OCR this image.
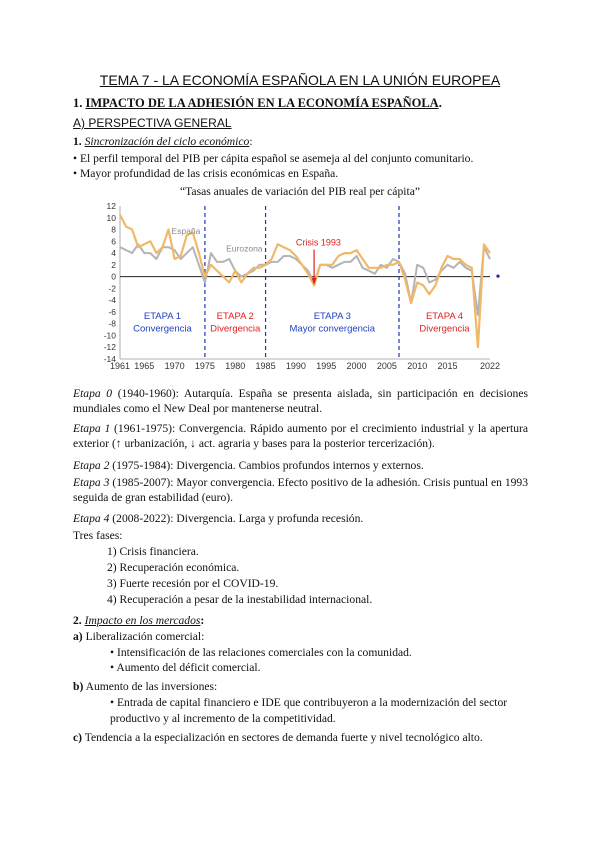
TEMA 7 - LA ECONOMÍA ESPAÑOLA EN LA UNIÓN EUROPEA
1. IMPACTO DE LA ADHESIÓN EN LA ECONOMÍA ESPAÑOLA.
A) PERSPECTIVA GENERAL
1. Sincronización del ciclo económico:
• El perfil temporal del PIB per cápita español se asemeja al del conjunto comunitario.
• Mayor profundidad de las crisis económicas en España.
“Tasas anuales de variación del PIB real per cápita”
12
10
8
6
4
2
0
-2
-4
-6
-8
-10
-12
-14
1961 1965 1970 1975 1980 1985 1990 1995 2000 2005 2010 2015 2022
España
Eurozona
Crisis 1993
ETAPA 1
Convergencia
ETAPA 2
Divergencia
ETAPA 3
Mayor convergencia
ETAPA 4
Divergencia
Etapa 0 (1940-1960): Autarquía. España se presenta aislada, sin participación en decisiones mundiales como el New Deal por mantenerse neutral.
Etapa 1 (1961-1975): Convergencia. Rápido aumento por el crecimiento industrial y la apertura exterior (↑ urbanización, ↓ act. agraria y bases para la posterior tercerización).
Etapa 2 (1975-1984): Divergencia. Cambios profundos internos y externos.
Etapa 3 (1985-2007): Mayor convergencia. Efecto positivo de la adhesión. Crisis puntual en 1993 seguida de gran estabilidad (euro).
Etapa 4 (2008-2022): Divergencia. Larga y profunda recesión.
Tres fases:
1) Crisis financiera.
2) Recuperación económica.
3) Fuerte recesión por el COVID-19.
4) Recuperación a pesar de la inestabilidad internacional.
2. Impacto en los mercados:
a) Liberalización comercial:
• Intensificación de las relaciones comerciales con la comunidad.
• Aumento del déficit comercial.
b) Aumento de las inversiones:
• Entrada de capital financiero e IDE que contribuyeron a la modernización del sector
productivo y al incremento de la competitividad.
c) Tendencia a la especialización en sectores de demanda fuerte y nivel tecnológico alto.
